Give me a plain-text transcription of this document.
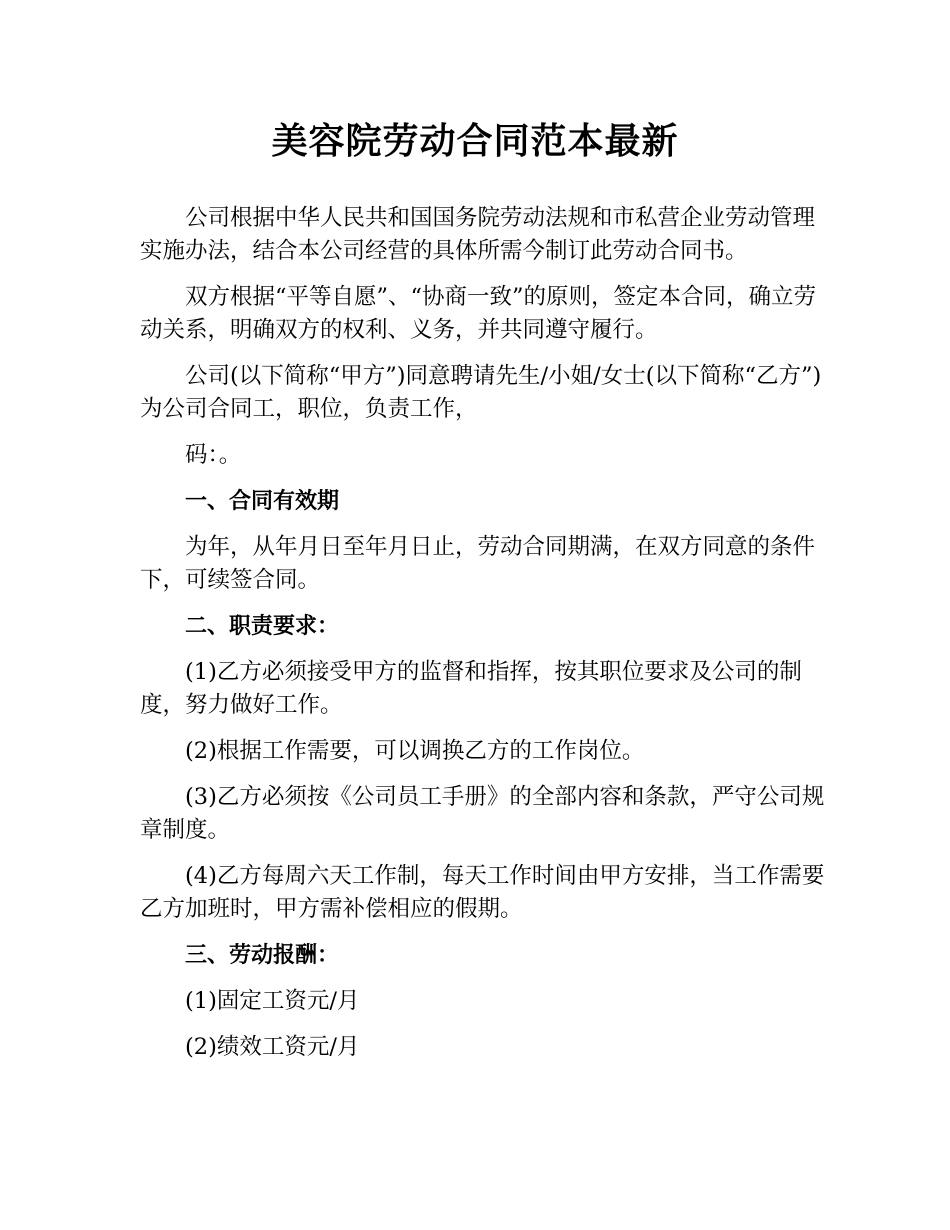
美容院劳动合同范本最新

公司根据中华人民共和国国务院劳动法规和市私营企业劳动管理实施办法，结合本公司经营的具体所需今制订此劳动合同书。

双方根据“平等自愿”、“协商一致”的原则，签定本合同，确立劳动关系，明确双方的权利、义务，并共同遵守履行。

公司(以下简称“甲方”)同意聘请先生/小姐/女士(以下简称“乙方”)为公司合同工，职位，负责工作，

码：。

一、合同有效期

为年，从年月日至年月日止，劳动合同期满，在双方同意的条件下，可续签合同。

二、职责要求：

(1)乙方必须接受甲方的监督和指挥，按其职位要求及公司的制度，努力做好工作。

(2)根据工作需要，可以调换乙方的工作岗位。

(3)乙方必须按《公司员工手册》的全部内容和条款，严守公司规章制度。

(4)乙方每周六天工作制，每天工作时间由甲方安排，当工作需要乙方加班时，甲方需补偿相应的假期。

三、劳动报酬：

(1)固定工资元/月

(2)绩效工资元/月
